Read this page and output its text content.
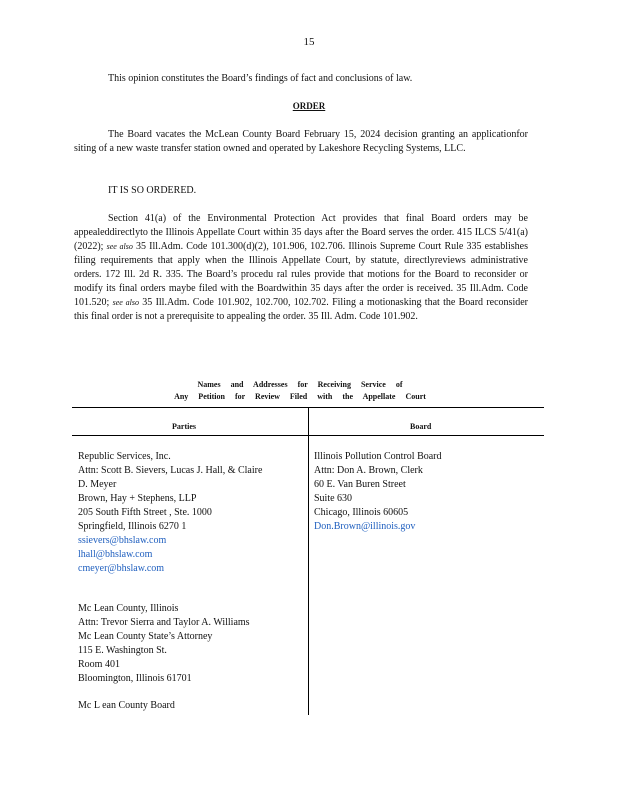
15
This opinion constitutes the Board’s findings of fact and conclusions of law.
ORDER
The Board vacates the McLean County Board February 15, 2024 decision granting an applicationfor siting of a new waste transfer station owned and operated by Lakeshore Recycling Systems, LLC.
IT IS SO ORDERED.
Section 41(a) of the Environmental Protection Act provides that final Board orders may be appealeddirectlyto the Illinois Appellate Court within 35 days after the Board serves the order. 415 ILCS 5/41(a) (2022); see also 35 Ill.Adm. Code 101.300(d)(2), 101.906, 102.706. Illinois Supreme Court Rule 335 establishes filing requirements that apply when the Illinois Appellate Court, by statute, directlyreviews administrative orders. 172 Ill. 2d R. 335. The Board’s procedu ral rules provide that motions for the Board to reconsider or modify its final orders maybe filed with the Boardwithin 35 days after the order is received. 35 Ill.Adm. Code 101.520; see also 35 Ill.Adm. Code 101.902, 102.700, 102.702. Filing a motionasking that the Board reconsider this final order is not a prerequisite to appealing the order. 35 Ill. Adm. Code 101.902.
Names and Addresses for Receiving Service of
Any Petition for Review Filed with the Appellate Court
Parties	Board
Republic Services, Inc.
Attn: Scott B. Sievers, Lucas J. Hall, & Claire
D. Meyer
Brown, Hay + Stephens, LLP
205 South Fifth Street , Ste. 1000
Springfield, Illinois 6270 1
ssievers@bhslaw.com
lhall@bhslaw.com
cmeyer@bhslaw.com
Mc Lean County, Illinois
Attn: Trevor Sierra and Taylor A. Williams
Mc Lean County State’s Attorney
115 E. Washington St.
Room 401
Bloomington, Illinois 61701
Mc L ean County Board
Illinois Pollution Control Board
Attn: Don A. Brown, Clerk
60 E. Van Buren Street
Suite 630
Chicago, Illinois 60605
Don.Brown@illinois.gov
